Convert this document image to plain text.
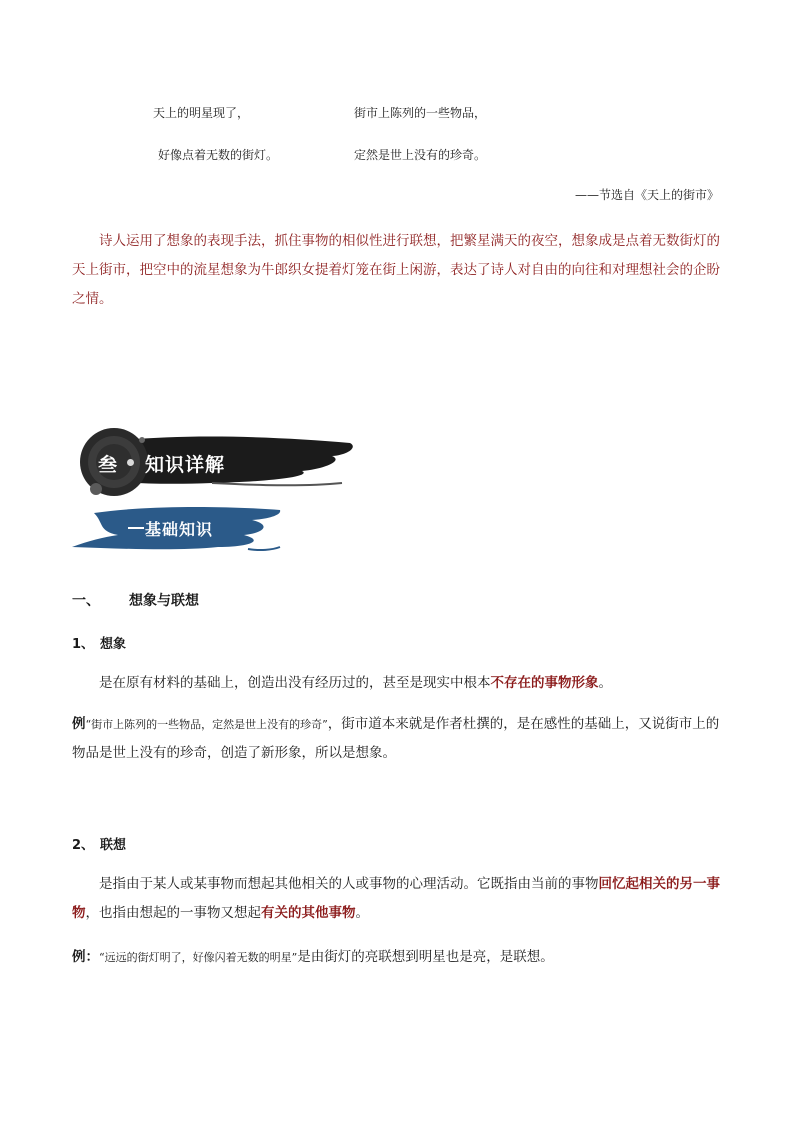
天上的明星现了，	街市上陈列的一些物品，
好像点着无数的街灯。	定然是世上没有的珍奇。
——节选自《天上的街市》
诗人运用了想象的表现手法，抓住事物的相似性进行联想，把繁星满天的夜空，想象成是点着无数街灯的天上街市，把空中的流星想象为牛郎织女提着灯笼在街上闲游，表达了诗人对自由的向往和对理想社会的企盼之情。
叁 知识详解
基础知识
一、 想象与联想
1、 想象
是在原有材料的基础上，创造出没有经历过的，甚至是现实中根本不存在的事物形象。
例“街市上陈列的一些物品，定然是世上没有的珍奇”，街市道本来就是作者杜撰的，是在感性的基础上，又说街市上的物品是世上没有的珍奇，创造了新形象，所以是想象。
2、 联想
是指由于某人或某事物而想起其他相关的人或事物的心理活动。它既指由当前的事物回忆起相关的另一事物，也指由想起的一事物又想起有关的其他事物。
例：“远远的街灯明了，好像闪着无数的明星”是由街灯的亮联想到明星也是亮，是联想。
